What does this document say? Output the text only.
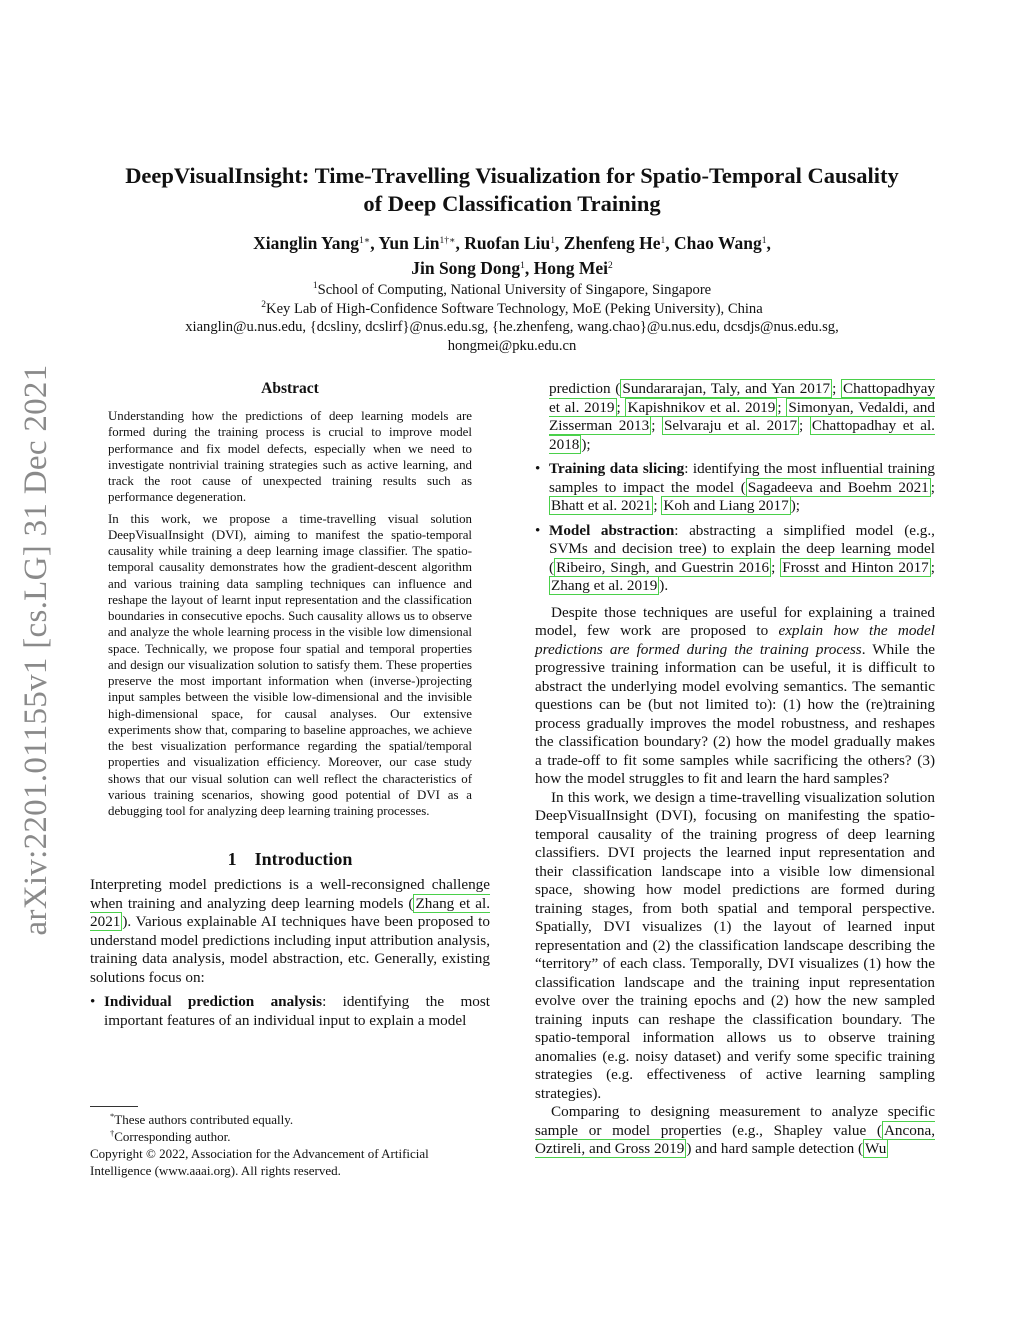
arXiv:2201.01155v1 [cs.LG] 31 Dec 2021
DeepVisualInsight: Time-Travelling Visualization for Spatio-Temporal Causality
of Deep Classification Training
Xianglin Yang$^{1∗}$, Yun Lin$^{1\dagger∗}$, Ruofan Liu$^1$, Zhenfeng He$^1$, Chao Wang$^1$,
Jin Song Dong$^1$, Hong Mei$^2$
$^1$School of Computing, National University of Singapore, Singapore
$^2$Key Lab of High-Confidence Software Technology, MoE (Peking University), China
xianglin@u.nus.edu, {dcsliny, dcslirf}@nus.edu.sg, {he.zhenfeng, wang.chao}@u.nus.edu, dcsdjs@nus.edu.sg,
hongmei@pku.edu.cn
Abstract

Understanding how the predictions of deep learning models are formed during the training process is crucial to improve model performance and fix model defects, especially when we need to investigate nontrivial training strategies such as active learning, and track the root cause of unexpected training results such as performance degeneration.

In this work, we propose a time-travelling visual solution DeepVisualInsight (DVI), aiming to manifest the spatio-temporal causality while training a deep learning image classifier. The spatio-temporal causality demonstrates how the gradient-descent algorithm and various training data sampling techniques can influence and reshape the layout of learnt input representation and the classification boundaries in consecutive epochs. Such causality allows us to observe and analyze the whole learning process in the visible low dimensional space. Technically, we propose four spatial and temporal properties and design our visualization solution to satisfy them. These properties preserve the most important information when (inverse-)projecting input samples between the visible low-dimensional and the invisible high-dimensional space, for causal analyses. Our extensive experiments show that, comparing to baseline approaches, we achieve the best visualization performance regarding the spatial/temporal properties and visualization efficiency. Moreover, our case study shows that our visual solution can well reflect the characteristics of various training scenarios, showing good potential of DVI as a debugging tool for analyzing deep learning training processes.

1 Introduction

Interpreting model predictions is a well-reconsigned challenge when training and analyzing deep learning models ( Zhang et al. 2021 ). Various explainable AI techniques have been proposed to understand model predictions including input attribution analysis, training data analysis, model abstraction, etc. Generally, existing solutions focus on:

• Individual prediction analysis: identifying the most important features of an individual input to explain a model
*These authors contributed equally.
†Corresponding author.
Copyright © 2022, Association for the Advancement of Artificial Intelligence (www.aaai.org). All rights reserved.

prediction ( Sundararajan, Taly, and Yan 2017 ; Chattopadhyay et al. 2019 ; Kapishnikov et al. 2019 ; Simonyan, Vedaldi, and Zisserman 2013 ; Selvaraju et al. 2017 ; Chattopadhay et al. 2018 );

• Training data slicing: identifying the most influential training samples to impact the model ( Sagadeeva and Boehm 2021 ; Bhatt et al. 2021 ; Koh and Liang 2017 );
• Model abstraction: abstracting a simplified model (e.g., SVMs and decision tree) to explain the deep learning model ( Ribeiro, Singh, and Guestrin 2016 ; Frosst and Hinton 2017 ; Zhang et al. 2019 ).

Despite those techniques are useful for explaining a trained model, few work are proposed to explain how the model predictions are formed during the training process. While the progressive training information can be useful, it is difficult to abstract the underlying model evolving semantics. The semantic questions can be (but not limited to): (1) how the (re)training process gradually improves the model robustness, and reshapes the classification boundary? (2) how the model gradually makes a trade-off to fit some samples while sacrificing the others? (3) how the model struggles to fit and learn the hard samples?

In this work, we design a time-travelling visualization solution DeepVisualInsight (DVI), focusing on manifesting the spatio-temporal causality of the training progress of deep learning classifiers. DVI projects the learned input representation and their classification landscape into a visible low dimensional space, showing how model predictions are formed during training stages, from both spatial and temporal perspective. Spatially, DVI visualizes (1) the layout of learned input representation and (2) the classification landscape describing the “territory” of each class. Temporally, DVI visualizes (1) how the classification landscape and the training input representation evolve over the training epochs and (2) how the new sampled training inputs can reshape the classification boundary. The spatio-temporal information allows us to observe training anomalies (e.g. noisy dataset) and verify some specific training strategies (e.g. effectiveness of active learning sampling strategies).

Comparing to designing measurement to analyze specific sample or model properties (e.g., Shapley value ( Ancona, Oztireli, and Gross 2019 ) and hard sample detection ( Wu
